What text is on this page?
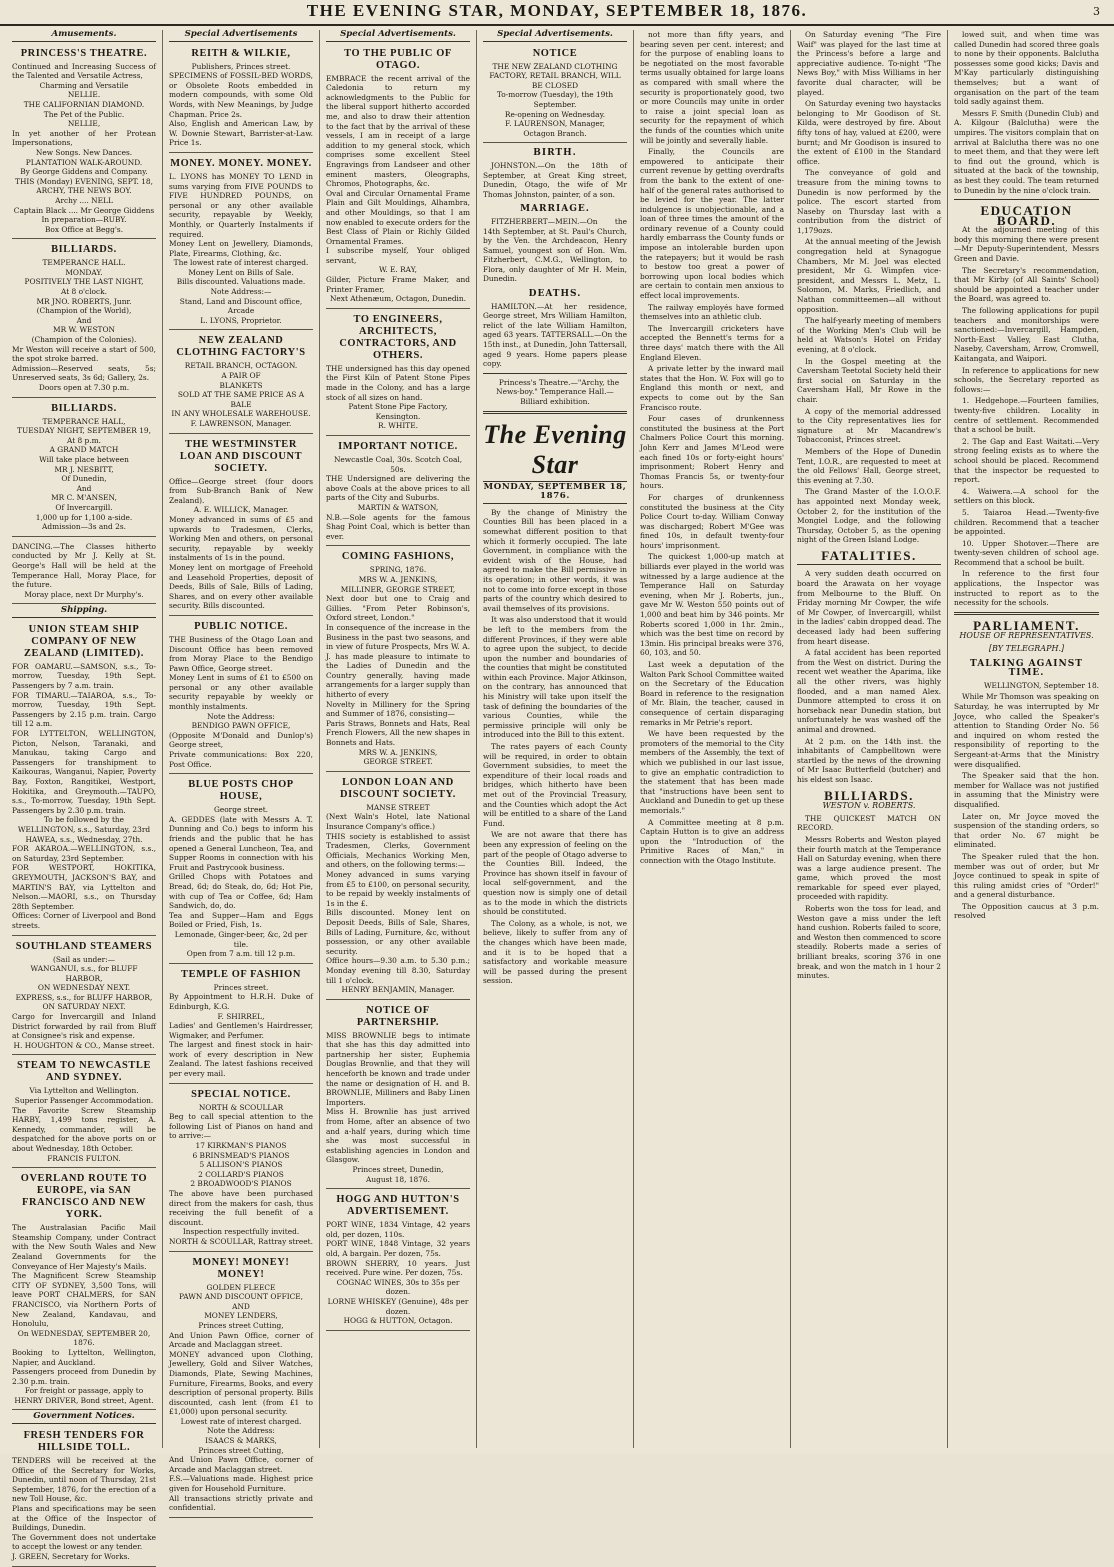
THE EVENING STAR, MONDAY, SEPTEMBER 18, 1876.	3
Amusements.
PRINCESS'S THEATRE.
Continued and Increasing Success of the Talented and Versatile Actress,
Charming and Versatile
NELLIE.
THE CALIFORNIAN DIAMOND.
The Pet of the Public.
NELLIE,
In yet another of her Protean Impersonations,
New Songs. New Dances.
PLANTATION WALK-AROUND.
By George Giddens and Company.
THIS (Monday) EVENING, SEPT. 18,
ARCHY, THE NEWS BOY.
Archy .... NELL
Captain Black .... Mr George Giddens
In preparation—RUBY.
Box Office at Begg's.
BILLIARDS.
TEMPERANCE HALL.
MONDAY.
POSITIVELY THE LAST NIGHT,
At 8 o'clock.
MR JNO. ROBERTS, Junr.
(Champion of the World),
And
MR W. WESTON
(Champion of the Colonies).
Mr Weston will receive a start of 500, the spot stroke barred.
Admission—Reserved seats, 5s; Unreserved seats, 3s 6d; Gallery, 2s.
Doors open at 7.30 p.m.
BILLIARDS.
TEMPERANCE HALL,
TUESDAY NIGHT, SEPTEMBER 19,
At 8 p.m.
A GRAND MATCH
Will take place between
MR J. NESBITT,
Of Dunedin,
And
MR C. M'ANSEN,
Of Invercargill.
1,000 up for 1,100 a-side.
Admission—3s and 2s.
DANCING.—The Classes hitherto conducted by Mr J. Kelly at St. George's Hall will be held at the Temperance Hall, Moray Place, for the future.
Moray place, next Dr Murphy's.
Shipping.
UNION STEAM SHIP COMPANY OF NEW ZEALAND (LIMITED).
FOR OAMARU.—SAMSON, s.s., To-morrow, Tuesday, 19th Sept. Passengers by 7 a.m. train.
FOR TIMARU.—TAIAROA, s.s., To-morrow, Tuesday, 19th Sept. Passengers by 2.15 p.m. train. Cargo till 12 a.m.
FOR LYTTELTON, WELLINGTON, Picton, Nelson, Taranaki, and Manukau, taking Cargo and Passengers for transhipment to Kaikouras, Wanganui, Napier, Poverty Bay, Foxton, Rangitikei, Westport, Hokitika, and Greymouth.—TAUPO, s.s., To-morrow, Tuesday, 19th Sept. Passengers by 2.30 p.m. train.
To be followed by the
WELLINGTON, s.s., Saturday, 23rd
HAWEA, s.s., Wednesday, 27th.
FOR AKAROA.—WELLINGTON, s.s., on Saturday, 23rd September.
FOR WESTPORT, HOKITIKA, GREYMOUTH, JACKSON'S BAY, and MARTIN'S BAY, via Lyttelton and Nelson.—MAORI, s.s., on Thursday 28th September.
Offices: Corner of Liverpool and Bond streets.
SOUTHLAND STEAMERS
(Sail as under:—
WANGANUI, s.s., for BLUFF HARBOR,
ON WEDNESDAY NEXT.
EXPRESS, s.s., for BLUFF HARBOR,
ON SATURDAY NEXT.
Cargo for Invercargill and Inland District forwarded by rail from Bluff at Consignee's risk and expense.
H. HOUGHTON & CO., Manse street.
STEAM TO NEWCASTLE AND SYDNEY.
Via Lyttelton and Wellington.
Superior Passenger Accommodation.
The Favorite Screw Steamship HARBY, 1,499 tons register, A. Kennedy, commander, will be despatched for the above ports on or about Wednesday, 18th October.
FRANCIS FULTON.
OVERLAND ROUTE TO EUROPE, via SAN FRANCISCO AND NEW YORK.
The Australasian Pacific Mail Steamship Company, under Contract with the New South Wales and New Zealand Governments for the Conveyance of Her Majesty's Mails.
The Magnificent Screw Steamship CITY OF SYDNEY, 3,500 Tons, will leave PORT CHALMERS, for SAN FRANCISCO, via Northern Ports of New Zealand, Kandavau, and Honolulu,
On WEDNESDAY, SEPTEMBER 20, 1876.
Booking to Lyttelton, Wellington, Napier, and Auckland.
Passengers proceed from Dunedin by 2.30 p.m. train.
For freight or passage, apply to
HENRY DRIVER, Bond street, Agent.
Government Notices.
FRESH TENDERS FOR HILLSIDE TOLL.
TENDERS will be received at the Office of the Secretary for Works, Dunedin, until noon of Thursday, 21st September, 1876, for the erection of a new Toll House, &c.
Plans and specifications may be seen at the Office of the Inspector of Buildings, Dunedin.
The Government does not undertake to accept the lowest or any tender.
J. GREEN, Secretary for Works.
Special Advertisements
REITH & WILKIE,
Publishers, Princes street.
SPECIMENS of FOSSIL-BED WORDS, or Obsolete Roots embedded in modern compounds, with some Old Words, with New Meanings, by Judge Chapman. Price 2s.
Also, English and American Law, by W. Downie Stewart, Barrister-at-Law. Price 1s.
MONEY. MONEY. MONEY.
L. LYONS has MONEY TO LEND in sums varying from FIVE POUNDS to FIVE HUNDRED POUNDS, on personal or any other available security, repayable by Weekly, Monthly, or Quarterly Instalments if required.
Money Lent on Jewellery, Diamonds, Plate, Firearms, Clothing, &c.
The lowest rate of interest charged.
Money Lent on Bills of Sale.
Bills discounted. Valuations made.
Note Address:—
Stand, Land and Discount office, Arcade
L. LYONS, Proprietor.
NEW ZEALAND CLOTHING FACTORY'S
RETAIL BRANCH, OCTAGON.
A PAIR OF
BLANKETS
SOLD AT THE SAME PRICE AS A
BALE
IN ANY WHOLESALE WAREHOUSE.
F. LAWRENSON, Manager.
THE WESTMINSTER LOAN AND DISCOUNT SOCIETY.
Office—George street (four doors from Sub-Branch Bank of New Zealand).
A. E. WILLICK, Manager.
Money advanced in sums of £5 and upwards to Tradesmen, Clerks, Working Men and others, on personal security, repayable by weekly instalments of 1s in the pound.
Money lent on mortgage of Freehold and Leasehold Properties, deposit of Deeds, Bills of Sale, Bills of Lading, Shares, and on every other available security. Bills discounted.
PUBLIC NOTICE.
THE Business of the Otago Loan and Discount Office has been removed from Moray Place to the Bendigo Pawn Office, George street.
Money Lent in sums of £1 to £500 on personal or any other available security repayable by weekly or monthly instalments.
Note the Address:
BENDIGO PAWN OFFICE,
(Opposite M'Donald and Dunlop's) George street,
Private communications: Box 220, Post Office.
BLUE POSTS CHOP HOUSE,
George street.
A. GEDDES (late with Messrs A. T. Dunning and Co.) begs to inform his friends and the public that he has opened a General Luncheon, Tea, and Supper Rooms in connection with his Fruit and Pastrycook business.
Grilled Chops with Potatoes and Bread, 6d; do Steak, do, 6d; Hot Pie, with cup of Tea or Coffee, 6d; Ham Sandwich, do, do.
Tea and Supper—Ham and Eggs Boiled or Fried, Fish, 1s.
Lemonade, Ginger-beer, &c, 2d per tile.
Open from 7 a.m. till 12 p.m.
TEMPLE OF FASHION
Princes street.
By Appointment to H.R.H. Duke of Edinburgh, K.G.
F. SHIRREL,
Ladies' and Gentlemen's Hairdresser, Wigmaker, and Perfumer.
The largest and finest stock in hair-work of every description in New Zealand. The latest fashions received per every mail.
SPECIAL NOTICE.
NORTH & SCOULLAR
Beg to call special attention to the following List of Pianos on hand and to arrive:—
17 KIRKMAN'S PIANOS
6 BRINSMEAD'S PIANOS
5 ALLISON'S PIANOS
2 COLLARD'S PIANOS
2 BROADWOOD'S PIANOS
The above have been purchased direct from the makers for cash, thus receiving the full benefit of a discount.
Inspection respectfully invited.
NORTH & SCOULLAR, Rattray street.
MONEY! MONEY! MONEY!
GOLDEN FLEECE
PAWN AND DISCOUNT OFFICE,
AND
MONEY LENDERS,
Princes street Cutting,
And Union Pawn Office, corner of Arcade and Maclaggan street.
MONEY advanced upon Clothing, Jewellery, Gold and Silver Watches, Diamonds, Plate, Sewing Machines, Furniture, Firearms, Books, and every description of personal property. Bills discounted, cash lent (from £1 to £1,000) upon personal security.
Lowest rate of interest charged.
Note the Address:
ISAACS & MARKS,
Princes street Cutting,
And Union Pawn Office, corner of Arcade and Maclaggan street.
F.S.—Valuations made. Highest price given for Household Furniture.
All transactions strictly private and confidential.
Special Advertisements.
TO THE PUBLIC OF OTAGO.
EMBRACE the recent arrival of the Caledonia to return my acknowledgments to the Public for the liberal support hitherto accorded me, and also to draw their attention to the fact that by the arrival of these vessels, I am in receipt of a large addition to my general stock, which comprises some excellent Steel Engravings from Landseer and other eminent masters, Oleographs, Chromos, Photographs, &c.
Oval and Circular Ornamental Frame Plain and Gilt Mouldings, Alhambra, and other Mouldings, so that I am now enabled to execute orders for the Best Class of Plain or Richly Gilded Ornamental Frames.
I subscribe myself, Your obliged servant,
W. E. RAY,
Gilder, Picture Frame Maker, and Printer Framer,
Next Athenæum, Octagon, Dunedin.
TO ENGINEERS, ARCHITECTS, CONTRACTORS, AND OTHERS.
THE undersigned has this day opened the First Kiln of Patent Stone Pipes made in the Colony, and has a large stock of all sizes on hand.
Patent Stone Pipe Factory, Kensington.
R. WHITE.
IMPORTANT NOTICE.
Newcastle Coal, 30s. Scotch Coal, 50s.
THE Undersigned are delivering the above Coals at the above prices to all parts of the City and Suburbs.
MARTIN & WATSON,
N.B.—Sole agents for the famous Shag Point Coal, which is better than ever.
COMING FASHIONS,
SPRING, 1876.
MRS W. A. JENKINS,
MILLINER, GEORGE STREET,
Next door but one to Craig and Gillies. "From Peter Robinson's, Oxford street, London."
In consequence of the increase in the Business in the past two seasons, and in view of future Prospects, Mrs W. A. J. has made pleasure to intimate to the Ladies of Dunedin and the Country generally, having made arrangements for a larger supply than hitherto of every
Novelty in Millinery for the Spring and Summer of 1876, consisting—
Paris Straws, Bonnets and Hats, Real French Flowers, All the new shapes in Bonnets and Hats.
MRS W. A. JENKINS,
GEORGE STREET.
LONDON LOAN AND DISCOUNT SOCIETY.
MANSE STREET
(Next Waln's Hotel, late National Insurance Company's office.)
THIS society is established to assist Tradesmen, Clerks, Government Officials, Mechanics Working Men, and others, on the following terms:—
Money advanced in sums varying from £5 to £100, on personal security, to be repaid by weekly instalments of 1s in the £.
Bills discounted. Money lent on Deposit Deeds, Bills of Sale, Shares, Bills of Lading, Furniture, &c, without possession, or any other available security.
Office hours—9.30 a.m. to 5.30 p.m.; Monday evening till 8.30, Saturday till 1 o'clock.
HENRY BENJAMIN, Manager.
NOTICE OF PARTNERSHIP.
MISS BROWNLIE begs to intimate that she has this day admitted into partnership her sister, Euphemia Douglas Brownlie, and that they will henceforth be known and trade under the name or designation of H. and B. BROWNLIE, Milliners and Baby Linen Importers.
Miss H. Brownlie has just arrived from Home, after an absence of two and a-half years, during which time she was most successful in establishing agencies in London and Glasgow.
Princes street, Dunedin,
August 18, 1876.
HOGG AND HUTTON'S ADVERTISEMENT.
PORT WINE, 1834 Vintage, 42 years old, per dozen, 110s.
PORT WINE, 1848 Vintage, 32 years old, A bargain. Per dozen, 75s.
BROWN SHERRY, 10 years. Just received. Pure wine. Per dozen, 75s.
COGNAC WINES, 30s to 35s per dozen.
LORNE WHISKEY (Genuine), 48s per dozen.
HOGG & HUTTON, Octagon.
Special Advertisements.
NOTICE
THE NEW ZEALAND CLOTHING FACTORY, RETAIL BRANCH, WILL BE CLOSED
To-morrow (Tuesday), the 19th September.
Re-opening on Wednesday.
F. LAURENSON, Manager,
Octagon Branch.
BIRTH.
JOHNSTON.—On the 18th of September, at Great King street, Dunedin, Otago, the wife of Mr Thomas Johnston, painter, of a son.
MARRIAGE.
FITZHERBERT—MEIN.—On the 14th September, at St. Paul's Church, by the Ven. the Archdeacon, Henry Samuel, youngest son of Hon. Wm. Fitzherbert, C.M.G., Wellington, to Flora, only daughter of Mr H. Mein, Dunedin.
DEATHS.
HAMILTON.—At her residence, George street, Mrs William Hamilton, relict of the late William Hamilton, aged 63 years. TATTERSALL.—On the 15th inst., at Dunedin, John Tattersall, aged 9 years. Home papers please copy.
Princess's Theatre.—"Archy, the News-boy." Temperance Hall.—Billiard exhibition.
The Evening Star
MONDAY, SEPTEMBER 18, 1876.
By the change of Ministry the Counties Bill has been placed in a somewhat different position to that which it formerly occupied. The late Government, in compliance with the evident wish of the House, had agreed to make the Bill permissive in its operation; in other words, it was not to come into force except in those parts of the country which desired to avail themselves of its provisions.
It was also understood that it would be left to the members from the different Provinces, if they were able to agree upon the subject, to decide upon the number and boundaries of the counties that might be constituted within each Province. Major Atkinson, on the contrary, has announced that his Ministry will take upon itself the task of defining the boundaries of the various Counties, while the permissive principle will only be introduced into the Bill to this extent.
The rates payers of each County will be required, in order to obtain Government subsidies, to meet the expenditure of their local roads and bridges, which hitherto have been met out of the Provincial Treasury, and the Counties which adopt the Act will be entitled to a share of the Land Fund.
We are not aware that there has been any expression of feeling on the part of the people of Otago adverse to the Counties Bill. Indeed, the Province has shown itself in favour of local self-government, and the question now is simply one of detail as to the mode in which the districts should be constituted.
The Colony, as a whole, is not, we believe, likely to suffer from any of the changes which have been made, and it is to be hoped that a satisfactory and workable measure will be passed during the present session.
not more than fifty years, and bearing seven per cent. interest; and for the purpose of enabling loans to be negotiated on the most favorable terms usually obtained for large loans as compared with small where the security is proportionately good, two or more Councils may unite in order to raise a joint special loan as security for the repayment of which the funds of the counties which unite will be jointly and severally liable.
Finally, the Councils are empowered to anticipate their current revenue by getting overdrafts from the bank to the extent of one-half of the general rates authorised to be levied for the year. The latter indulgence is unobjectionable, and a loan of three times the amount of the ordinary revenue of a County could hardly embarrass the County funds or impose an intolerable burden upon the ratepayers; but it would be rash to bestow too great a power of borrowing upon local bodies which are certain to contain men anxious to effect local improvements.
The railway employés have formed themselves into an athletic club.
The Invercargill cricketers have accepted the Bennett's terms for a three days' match there with the All England Eleven.
A private letter by the inward mail states that the Hon. W. Fox will go to England this month or next, and expects to come out by the San Francisco route.
Four cases of drunkenness constituted the business at the Port Chalmers Police Court this morning. John Kerr and James M'Leod were each fined 10s or forty-eight hours' imprisonment; Robert Henry and Thomas Francis 5s, or twenty-four hours.
For charges of drunkenness constituted the business at the City Police Court to-day. William Conway was discharged; Robert M'Gee was fined 10s, in default twenty-four hours' imprisonment.
The quickest 1,000-up match at billiards ever played in the world was witnessed by a large audience at the Temperance Hall on Saturday evening, when Mr J. Roberts, jun., gave Mr W. Weston 550 points out of 1,000 and beat him by 346 points. Mr Roberts scored 1,000 in 1hr. 2min., which was the best time on record by 13min. His principal breaks were 376, 60, 103, and 50.
Last week a deputation of the Walton Park School Committee waited on the Secretary of the Education Board in reference to the resignation of Mr. Blain, the teacher, caused in consequence of certain disparaging remarks in Mr Petrie's report.
We have been requested by the promoters of the memorial to the City members of the Assembly, the text of which we published in our last issue, to give an emphatic contradiction to the statement that has been made that "instructions have been sent to Auckland and Dunedin to get up these memorials."
A Committee meeting at 8 p.m. Captain Hutton is to give an address upon the "Introduction of the Primitive Races of Man," in connection with the Otago Institute.
On Saturday evening "The Fire Waif" was played for the last time at the Princess's before a large and appreciative audience. To-night "The News Boy," with Miss Williams in her favorite dual character, will be played.
On Saturday evening two haystacks belonging to Mr Goodison of St. Kilda, were destroyed by fire. About fifty tons of hay, valued at £200, were burnt; and Mr Goodison is insured to the extent of £100 in the Standard office.
The conveyance of gold and treasure from the mining towns to Dunedin is now performed by the police. The escort started from Naseby on Thursday last with a contribution from the district of 1,179ozs.
At the annual meeting of the Jewish congregation held at Synagogue Chambers, Mr M. Joel was elected president, Mr G. Wimpfen vice-president, and Messrs L. Metz, L. Solomon, M. Marks, Friedlich, and Nathan committeemen—all without opposition.
The half-yearly meeting of members of the Working Men's Club will be held at Watson's Hotel on Friday evening, at 8 o'clock.
In the Gospel meeting at the Caversham Teetotal Society held their first social on Saturday in the Caversham Hall, Mr Rowe in the chair.
A copy of the memorial addressed to the City representatives lies for signature at Mr Macandrew's Tobacconist, Princes street.
Members of the Hope of Dunedin Tent, I.O.R., are requested to meet at the old Fellows' Hall, George street, this evening at 7.30.
The Grand Master of the I.O.O.F. has appointed next Monday week, October 2, for the institution of the Mongiel Lodge, and the following Thursday, October 5, as the opening night of the Green Island Lodge.
FATALITIES.
A very sudden death occurred on board the Arawata on her voyage from Melbourne to the Bluff. On Friday morning Mr Cowper, the wife of Mr Cowper, of Invercargill, whilst in the ladies' cabin dropped dead. The deceased lady had been suffering from heart disease.
A fatal accident has been reported from the West on district. During the recent wet weather the Aparima, like all the other rivers, was highly flooded, and a man named Alex. Dunmore attempted to cross it on horseback near Dunedin station, but unfortunately he was washed off the animal and drowned.
At 2 p.m. on the 14th inst. the inhabitants of Campbelltown were startled by the news of the drowning of Mr Isaac Butterfield (butcher) and his eldest son Isaac.
BILLIARDS.
WESTON v. ROBERTS.
THE QUICKEST MATCH ON RECORD.
Messrs Roberts and Weston played their fourth match at the Temperance Hall on Saturday evening, when there was a large audience present. The game, which proved the most remarkable for speed ever played, proceeded with rapidity.
Roberts won the toss for lead, and Weston gave a miss under the left hand cushion. Roberts failed to score, and Weston then commenced to score steadily. Roberts made a series of brilliant breaks, scoring 376 in one break, and won the match in 1 hour 2 minutes.
lowed suit, and when time was called Dunedin had scored three goals to none by their opponents. Balclutha possesses some good kicks; Davis and M'Kay particularly distinguishing themselves; but a want of organisation on the part of the team told sadly against them.
Messrs F. Smith (Dunedin Club) and A. Kilgour (Balclutha) were the umpires. The visitors complain that on arrival at Balclutha there was no one to meet them, and that they were left to find out the ground, which is situated at the back of the township, as best they could. The team returned to Dunedin by the nine o'clock train.
EDUCATION BOARD.
At the adjourned meeting of this body this morning there were present—Mr Deputy-Superintendent, Messrs Green and Davie.
The Secretary's recommendation, that Mr Kirby (of All Saints' School) should be appointed a teacher under the Board, was agreed to.
The following applications for pupil teachers and monitorships were sanctioned:—Invercargill, Hampden, North-East Valley, East Clutha, Naseby, Caversham, Arrow, Cromwell, Kaitangata, and Waipori.
In reference to applications for new schools, the Secretary reported as follows:—
1. Hedgehope.—Fourteen families, twenty-five children. Locality in centre of settlement. Recommended that a school be built.
2. The Gap and East Waitati.—Very strong feeling exists as to where the school should be placed. Recommend that the inspector be requested to report.
4. Waiwera.—A school for the settlers on this block.
5. Taiaroa Head.—Twenty-five children. Recommend that a teacher be appointed.
10. Upper Shotover.—There are twenty-seven children of school age. Recommend that a school be built.
In reference to the first four applications, the Inspector was instructed to report as to the necessity for the schools.
PARLIAMENT.
HOUSE OF REPRESENTATIVES.
[BY TELEGRAPH.]
TALKING AGAINST TIME.
WELLINGTON, September 18.
While Mr Thomson was speaking on Saturday, he was interrupted by Mr Joyce, who called the Speaker's attention to Standing Order No. 56 and inquired on whom rested the responsibility of reporting to the Sergeant-at-Arms that the Ministry were disqualified.
The Speaker said that the hon. member for Wallace was not justified in assuming that the Ministry were disqualified.
Later on, Mr Joyce moved the suspension of the standing orders, so that order No. 67 might be eliminated.
The Speaker ruled that the hon. member was out of order, but Mr Joyce continued to speak in spite of this ruling amidst cries of "Order!" and a general disturbance.
The Opposition caucus at 3 p.m. resolved
